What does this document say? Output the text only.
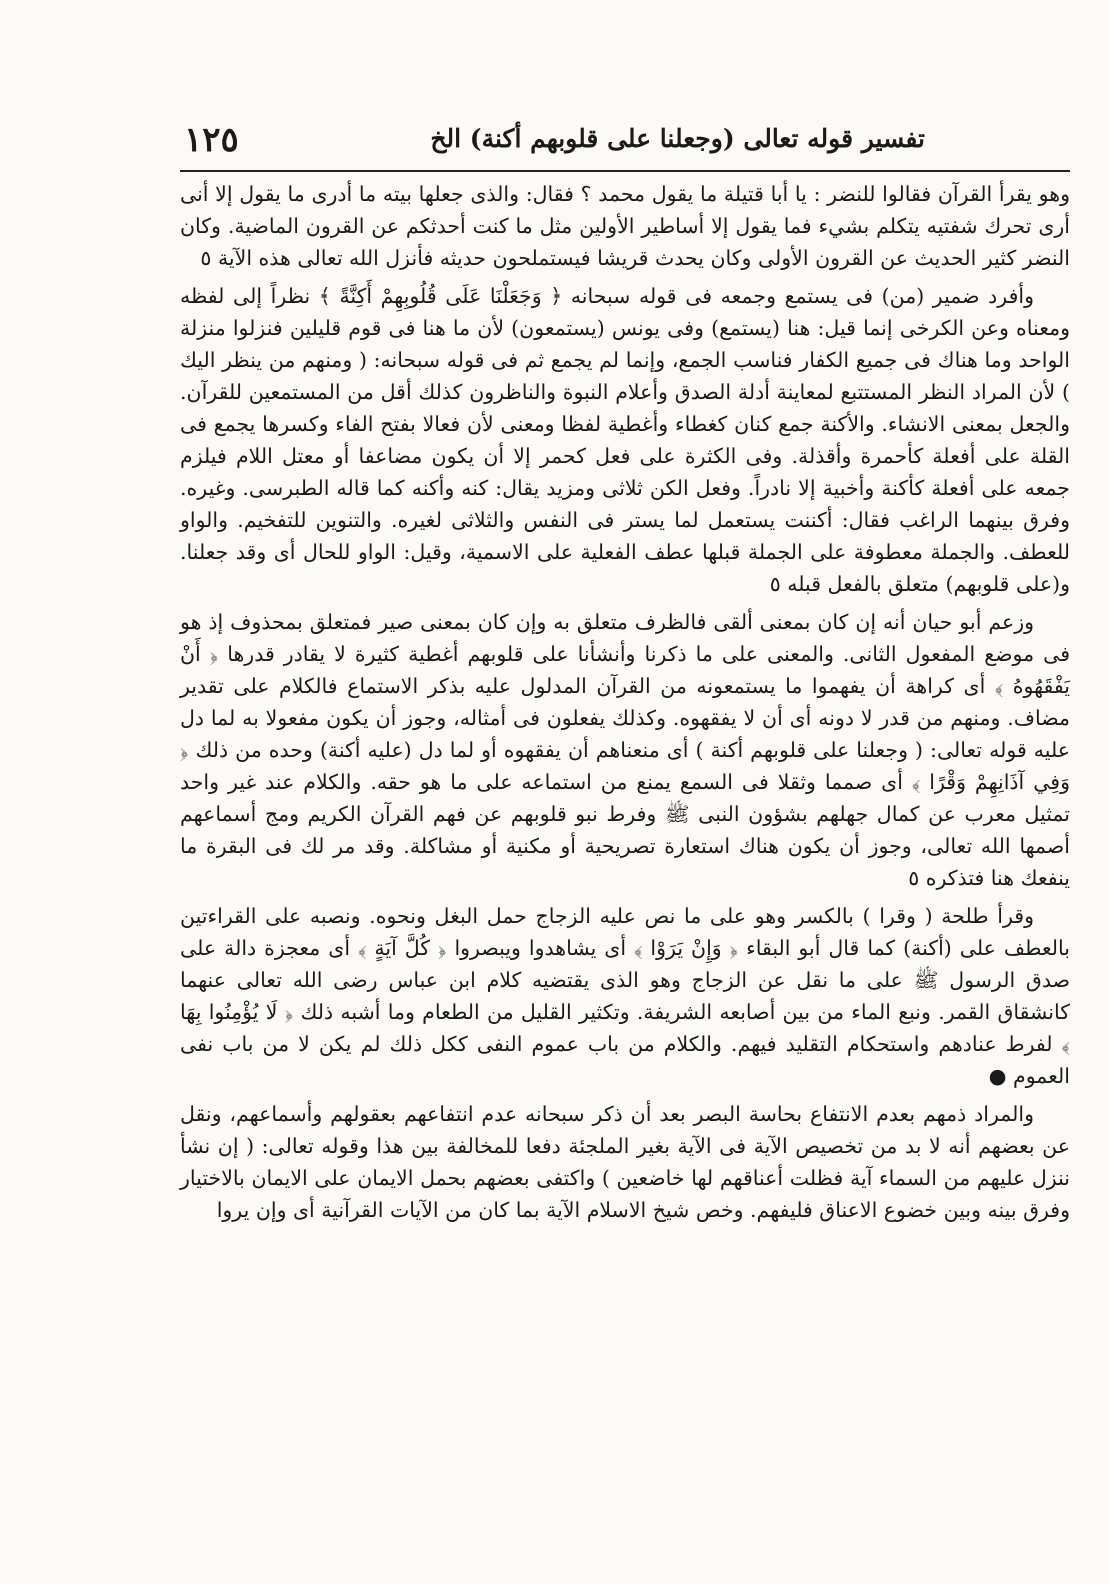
تفسير قوله تعالى (وجعلنا على قلوبهم أكنة) الخ
١٢٥

وهو يقرأ القرآن فقالوا للنضر : يا أبا قتيلة ما يقول محمد ؟ فقال: والذى جعلها بيته ما أدرى ما يقول إلا أنى أرى تحرك شفتيه يتكلم بشيء فما يقول إلا أساطير الأولين مثل ما كنت أحدثكم عن القرون الماضية. وكان النضر كثير الحديث عن القرون الأولى وكان يحدث قريشا فيستملحون حديثه فأنزل الله تعالى هذه الآية ٥

وأفرد ضمير (من) فى يستمع وجمعه فى قوله سبحانه ﴿ وَجَعَلْنَا عَلَى قُلُوبِهِمْ أَكِنَّةً ﴾ نظراً إلى لفظه ومعناه وعن الكرخى إنما قيل: هنا (يستمع) وفى يونس (يستمعون) لأن ما هنا فى قوم قليلين فنزلوا منزلة الواحد وما هناك فى جميع الكفار فناسب الجمع، وإنما لم يجمع ثم فى قوله سبحانه: ( ومنهم من ينظر اليك ) لأن المراد النظر المستتبع لمعاينة أدلة الصدق وأعلام النبوة والناظرون كذلك أقل من المستمعين للقرآن. والجعل بمعنى الانشاء. والأكنة جمع كنان كغطاء وأغطية لفظا ومعنى لأن فعالا بفتح الفاء وكسرها يجمع فى القلة على أفعلة كأحمرة وأقذلة. وفى الكثرة على فعل كحمر إلا أن يكون مضاعفا أو معتل اللام فيلزم جمعه على أفعلة كأكنة وأخبية إلا نادراً. وفعل الكن ثلاثى ومزيد يقال: كنه وأكنه كما قاله الطبرسى. وغيره. وفرق بينهما الراغب فقال: أكننت يستعمل لما يستر فى النفس والثلاثى لغيره. والتنوين للتفخيم. والواو للعطف. والجملة معطوفة على الجملة قبلها عطف الفعلية على الاسمية، وقيل: الواو للحال أى وقد جعلنا. و(على قلوبهم) متعلق بالفعل قبله ٥

وزعم أبو حيان أنه إن كان بمعنى ألقى فالظرف متعلق به وإن كان بمعنى صير فمتعلق بمحذوف إذ هو فى موضع المفعول الثانى. والمعنى على ما ذكرنا وأنشأنا على قلوبهم أغطية كثيرة لا يقادر قدرها ﴿ أَنْ يَفْقَهُوهُ ﴾ أى كراهة أن يفهموا ما يستمعونه من القرآن المدلول عليه بذكر الاستماع فالكلام على تقدير مضاف. ومنهم من قدر لا دونه أى أن لا يفقهوه. وكذلك يفعلون فى أمثاله، وجوز أن يكون مفعولا به لما دل عليه قوله تعالى: ( وجعلنا على قلوبهم أكنة ) أى منعناهم أن يفقهوه أو لما دل (عليه أكنة) وحده من ذلك ﴿ وَفِي آذَانِهِمْ وَقْرًا ﴾ أى صمما وثقلا فى السمع يمنع من استماعه على ما هو حقه. والكلام عند غير واحد تمثيل معرب عن كمال جهلهم بشؤون النبى ﷺ وفرط نبو قلوبهم عن فهم القرآن الكريم ومج أسماعهم أصمها الله تعالى، وجوز أن يكون هناك استعارة تصريحية أو مكنية أو مشاكلة. وقد مر لك فى البقرة ما ينفعك هنا فتذكره ٥

وقرأ طلحة ( وقرا ) بالكسر وهو على ما نص عليه الزجاج حمل البغل ونحوه. ونصبه على القراءتين بالعطف على (أكنة) كما قال أبو البقاء ﴿ وَإِنْ يَرَوْا ﴾ أى يشاهدوا ويبصروا ﴿ كُلَّ آيَةٍ ﴾ أى معجزة دالة على صدق الرسول ﷺ على ما نقل عن الزجاج وهو الذى يقتضيه كلام ابن عباس رضى الله تعالى عنهما كانشقاق القمر. ونبع الماء من بين أصابعه الشريفة. وتكثير القليل من الطعام وما أشبه ذلك ﴿ لَا يُؤْمِنُوا بِهَا ﴾ لفرط عنادهم واستحكام التقليد فيهم. والكلام من باب عموم النفى ككل ذلك لم يكن لا من باب نفى العموم ●

والمراد ذمهم بعدم الانتفاع بحاسة البصر بعد أن ذكر سبحانه عدم انتفاعهم بعقولهم وأسماعهم، ونقل عن بعضهم أنه لا بد من تخصيص الآية فى الآية بغير الملجئة دفعا للمخالفة بين هذا وقوله تعالى: ( إن نشأ ننزل عليهم من السماء آية فظلت أعناقهم لها خاضعين ) واكتفى بعضهم بحمل الايمان على الايمان بالاختيار وفرق بينه وبين خضوع الاعناق فليفهم. وخص شيخ الاسلام الآية بما كان من الآيات القرآنية أى وإن يروا
